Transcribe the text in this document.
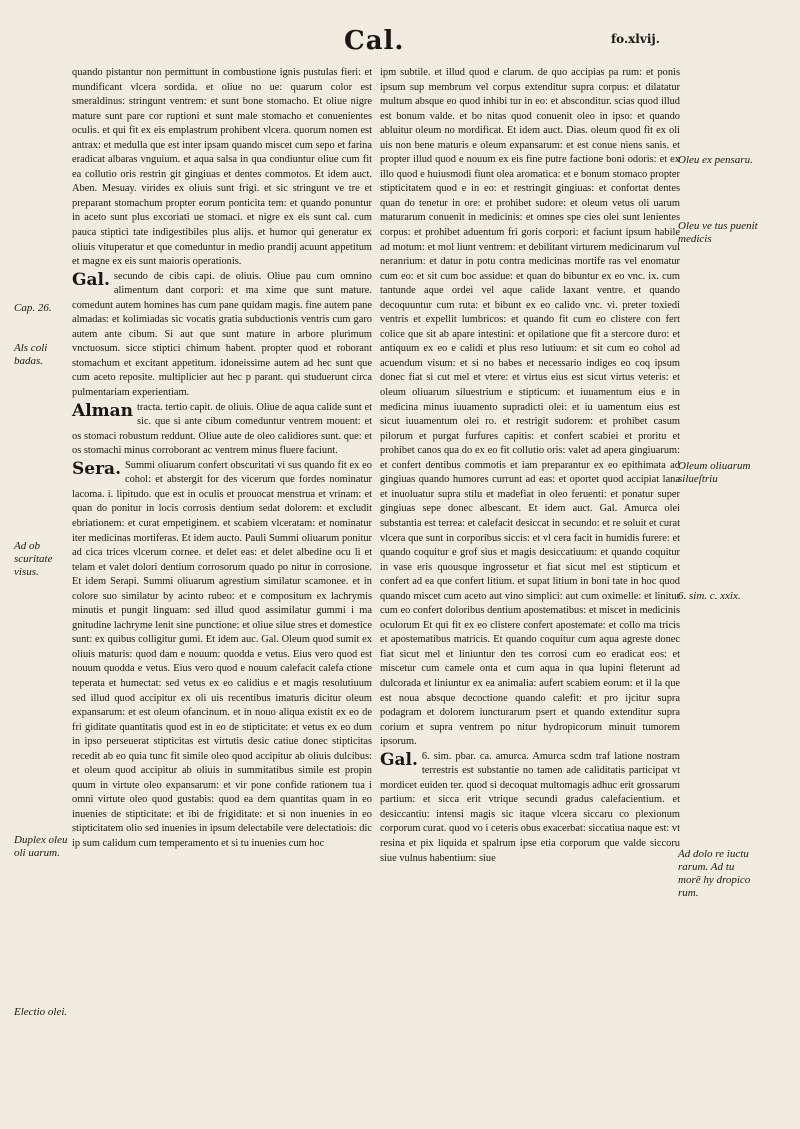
Cal.	fo.xlvij.

quando pistantur non permittunt in combustione ignis pustulas fieri: et mundificant vlcera sordida. et oliue no ue: quarum color est smeraldinus: stringunt ventrem: et sunt bone stomacho. Et oliue nigre mature sunt pare cor ruptioni et sunt male stomacho et conuenientes oculis. et qui fit ex eis emplastrum prohibent vlcera. quorum nomen est antrax: et medulla que est inter ipsam quando miscet cum sepo et farina eradicat albaras vnguium. et aqua salsa in qua condiuntur oliue cum fit ea collutio oris restrin git gingiuas et dentes commotos. Et idem auct. Aben. Mesuay. virides ex oliuis sunt frigi. et sic stringunt ve tre et preparant stomachum propter eorum ponticita tem: et quando ponuntur in aceto sunt plus excoriati ue stomaci. et nigre ex eis sunt cal. cum pauca stiptici tate indigestibiles plus alijs. et humor qui generatur ex oliuis vituperatur et que comeduntur in medio prandij acuunt appetitum et magne ex eis sunt maioris operationis.

Gal. secundo de cibis capi. de oliuis. Oliue pau cum omnino alimentum dant corpori: et ma xime que sunt mature. comedunt autem homines has cum pane quidam magis. fine autem pane almadas: et kolimiadas sic vocatis gratia subductionis ventris cum garo autem ante cibum. Si aut que sunt mature in arbore plurimum vnctuosum. sicce stiptici chimum habent. propter quod et roborant stomachum et excitant appetitum. idoneissime autem ad hec sunt que cum aceto reposite. multiplicier aut hec p parant. qui studuerunt circa pulmentariam experientiam.

Alman tracta. tertio capit. de oliuis. Oliue de aqua calide sunt et sic. que si ante cibum comeduntur ventrem mouent: et os stomaci robustum reddunt. Oliue aute de oleo calidiores sunt. que: et os stomachi minus corroborant ac ventrem minus fluere faciunt.

Sera. Summi oliuarum confert obscuritati vi sus quando fit ex eo cohol: et abstergit for des vicerum que fordes nominatur lacoma. i. lipitudo. que est in oculis et prouocat menstrua et vrinam: et quan do ponitur in locis corrosis dentium sedat dolorem: et excludit ebriationem: et curat empetiginem. et scabiem vlceratam: et nominatur iter medicinas mortiferas. Et idem aucto. Pauli Summi oliuarum ponitur ad cica trices vlcerum cornee. et delet eas: et delet albedine ocu li et telam et valet dolori dentium corrosorum quado po nitur in corrosione. Et idem Serapi. Summi oliuarum agrestium similatur scamonee. et in colore suo similatur by acinto rubeo: et e compositum ex lachrymis minutis et pungit linguam: sed illud quod assimilatur gummi i ma gnitudine lachryme lenit sine punctione: et oliue silue stres et domestice sunt: ex quibus colligitur gumi. Et idem auc. Gal. Oleum quod sumit ex oliuis maturis: quod dam e nouum: quodda e vetus. Eius vero quod est nouum quodda e vetus. Eius vero quod e nouum calefacit calefa ctione teperata et humectat: sed vetus ex eo calidius e et magis resolutiuum sed illud quod accipitur ex oli uis recentibus imaturis dicitur oleum expansarum: et est oleum ofancinum. et in nouo aliqua existit ex eo de fri giditate quantitatis quod est in eo de stipticitate: et vetus ex eo dum in ipso perseuerat stipticitas est virtutis desic catiue donec stipticitas recedit ab eo quia tunc fit simile oleo quod accipitur ab oliuis dulcibus: et oleum quod accipitur ab oliuis in summitatibus simile est propin quum in virtute oleo expansarum: et vir pone confide rationem tua i omni virtute oleo quod gustabis: quod ea dem quantitas quam in eo inuenies de stipticitate: et ibi de frigiditate: et si non inuenies in eo stipticitatem olio sed inuenies in ipsum delectabile vere delectatiois: dic ip sum calidum cum temperamento et si tu inuenies cum hoc

ipm subtile. et illud quod e clarum. de quo accipias pa rum: et ponis ipsum sup membrum vel corpus extenditur supra corpus: et dilatatur multum absque eo quod inhibi tur in eo: et absconditur. scias quod illud est bonum valde. et bo nitas quod conuenit oleo in ipso: et quando abluitur oleum no mordificat. Et idem auct. Dias. oleum quod fit ex oli uis non bene maturis e oleum expansarum: et est conue niens sanis. et propter illud quod e nouum ex eis fine putre factione boni odoris: et ex illo quod e huiusmodi fiunt olea aromatica: et e bonum stomaco propter stipticitatem quod e in eo: et restringit gingiuas: et confortat dentes quan do tenetur in ore: et prohibet sudore: et oleum vetus oli uarum maturarum conuenit in medicinis: et omnes spe cies olei sunt lenientes corpus: et prohibet aduentum fri goris corpori: et faciunt ipsum habile ad motum: et mol liunt ventrem: et debilitant virturem medicinarum vul neranrium: et datur in potu contra medicinas mortife ras vel enomatur cum eo: et sit cum boc assidue: et quan do bibuntur ex eo vnc. ix. cum tantunde aque ordei vel aque calide laxant ventre. et quando decoquuntur cum ruta: et bibunt ex eo calido vnc. vi. preter toxiedi ventris et expellit lumbricos: et quando fit cum eo clistere con fert colice que sit ab apare intestini: et opilatione que fit a stercore duro: et antiquum ex eo e calidi et plus reso lutiuum: et sit cum eo cohol ad acuendum visum: et si no babes et necessario indiges eo coq ipsum donec fiat si cut mel et vtere: et virtus eius est sicut virtus veteris: et oleum oliuarum siluestrium e stipticum: et iuuamentum eius e in medicina minus iuuamento supradicti olei: et iu uamentum eius est sicut iuuamentum olei ro. et restrigit sudorem: et prohibet casum pilorum et purgat furfures capitis: et confert scabiei et proritu et prohibet canos qua do ex eo fit collutio oris: valet ad apera gingiuarum: et confert dentibus commotis et iam preparantur ex eo epithimata ad gingiuas quando humores currunt ad eas: et oportet quod accipiat lana et inuoluatur supra stilu et madefiat in oleo feruenti: et ponatur super gingiuas sepe donec albescant. Et idem auct. Gal. Amurca olei substantia est terrea: et calefacit desiccat in secundo: et re soluit et curat vlcera que sunt in corporibus siccis: et vl cera facit in humidis furere: et quando coquitur e grof sius et magis desiccatiuum: et quando coquitur in vase eris quousque ingrossetur et fiat sicut mel est stipticum et confert ad ea que confert litium. et supat litium in boni tate in hoc quod quando miscet cum aceto aut vino simplici: aut cum oximelle: et linitur cum eo confert doloribus dentium apostematibus: et miscet in medicinis oculorum Et qui fit ex eo clistere confert apostemate: et collo ma tricis et apostematibus matricis. Et quando coquitur cum aqua agreste donec fiat sicut mel et liniuntur den tes corrosi cum eo eradicat eos: et miscetur cum camele onta et cum aqua in qua lupini fleterunt ad dulcorada et liniuntur ex ea animalia: aufert scabiem eorum: et il la que est noua absque decoctione quando calefit: et pro ijcitur supra podagram et dolorem iuncturarum psert et quando extenditur supra corium et supra ventrem po nitur hydropicorum minuit tumorem ipsorum.

Gal. 6. sim. pbar. ca. amurca. Amurca scdm traf latione nostram terrestris est substantie no tamen ade caliditatis participat vt mordicet euiden ter. quod si decoquat multomagis adhuc erit grossarum partium: et sicca erit vtrique secundi gradus calefacientium. et desiccantiu: intensi magis sic itaque vlcera siccaru co plexionum corporum curat. quod vo i ceteris obus exacerbat: siccatiua naque est: vt resina et pix liquida et spalrum ipse etia corporum que valde siccoru siue vulnus habentium: siue

Cap. 26.
Als coli badas.
Ad ob scuritate visus.
Duplex oleu oli uarum.
Electio olei.
Oleu ex pensaru.
Oleu ve tus puenit medicis
Oleum oliuarum silueſtriu
6. sim. c. xxix.
Ad dolo re iuctu rarum. Ad tu morē hy dropico rum.
